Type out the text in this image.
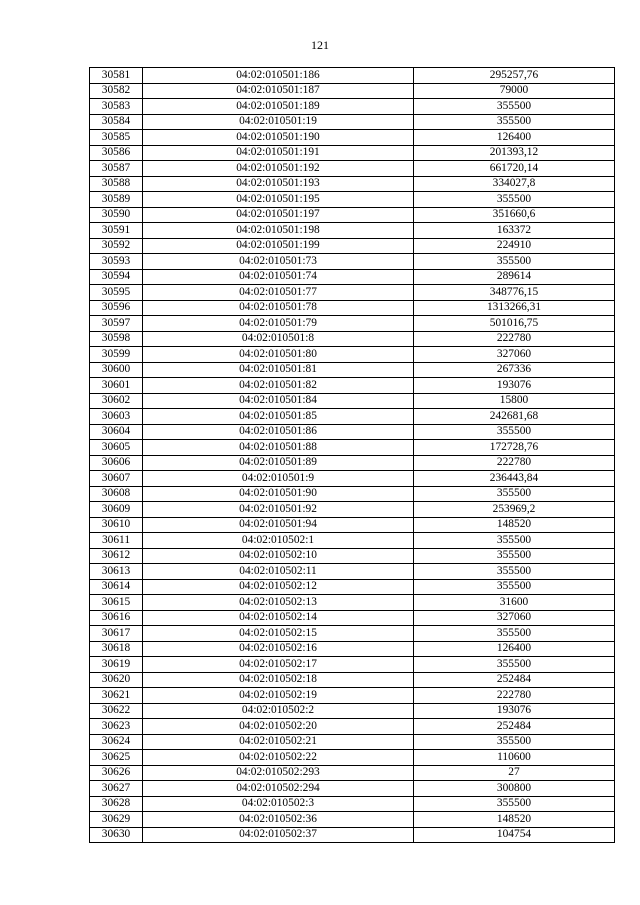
121
30581	04:02:010501:186	295257,76
30582	04:02:010501:187	79000
30583	04:02:010501:189	355500
30584	04:02:010501:19	355500
30585	04:02:010501:190	126400
30586	04:02:010501:191	201393,12
30587	04:02:010501:192	661720,14
30588	04:02:010501:193	334027,8
30589	04:02:010501:195	355500
30590	04:02:010501:197	351660,6
30591	04:02:010501:198	163372
30592	04:02:010501:199	224910
30593	04:02:010501:73	355500
30594	04:02:010501:74	289614
30595	04:02:010501:77	348776,15
30596	04:02:010501:78	1313266,31
30597	04:02:010501:79	501016,75
30598	04:02:010501:8	222780
30599	04:02:010501:80	327060
30600	04:02:010501:81	267336
30601	04:02:010501:82	193076
30602	04:02:010501:84	15800
30603	04:02:010501:85	242681,68
30604	04:02:010501:86	355500
30605	04:02:010501:88	172728,76
30606	04:02:010501:89	222780
30607	04:02:010501:9	236443,84
30608	04:02:010501:90	355500
30609	04:02:010501:92	253969,2
30610	04:02:010501:94	148520
30611	04:02:010502:1	355500
30612	04:02:010502:10	355500
30613	04:02:010502:11	355500
30614	04:02:010502:12	355500
30615	04:02:010502:13	31600
30616	04:02:010502:14	327060
30617	04:02:010502:15	355500
30618	04:02:010502:16	126400
30619	04:02:010502:17	355500
30620	04:02:010502:18	252484
30621	04:02:010502:19	222780
30622	04:02:010502:2	193076
30623	04:02:010502:20	252484
30624	04:02:010502:21	355500
30625	04:02:010502:22	110600
30626	04:02:010502:293	27
30627	04:02:010502:294	300800
30628	04:02:010502:3	355500
30629	04:02:010502:36	148520
30630	04:02:010502:37	104754
